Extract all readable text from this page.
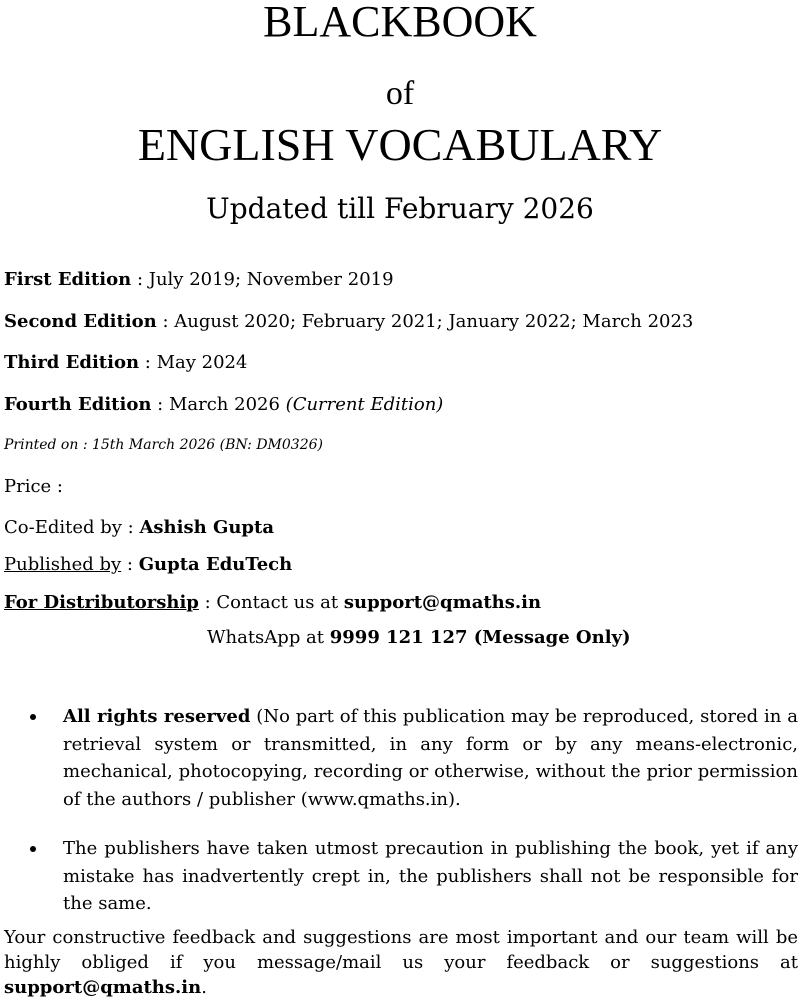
BLACKBOOK
of
ENGLISH VOCABULARY
Updated till February 2026
First Edition : July 2019; November 2019
Second Edition : August 2020; February 2021; January 2022; March 2023
Third Edition : May 2024
Fourth Edition : March 2026 (Current Edition)
Printed on : 15th March 2026 (BN: DM0326)
Price :
Co-Edited by : Ashish Gupta
Published by : Gupta EduTech
For Distributorship : Contact us at support@qmaths.in
WhatsApp at 9999 121 127 (Message Only)
All rights reserved (No part of this publication may be reproduced, stored in a retrieval system or transmitted, in any form or by any means-electronic, mechanical, photocopying, recording or otherwise, without the prior permission of the authors / publisher (www.qmaths.in).
The publishers have taken utmost precaution in publishing the book, yet if any mistake has inadvertently crept in, the publishers shall not be responsible for the same.
Your constructive feedback and suggestions are most important and our team will be highly obliged if you message/mail us your feedback or suggestions at support@qmaths.in.
